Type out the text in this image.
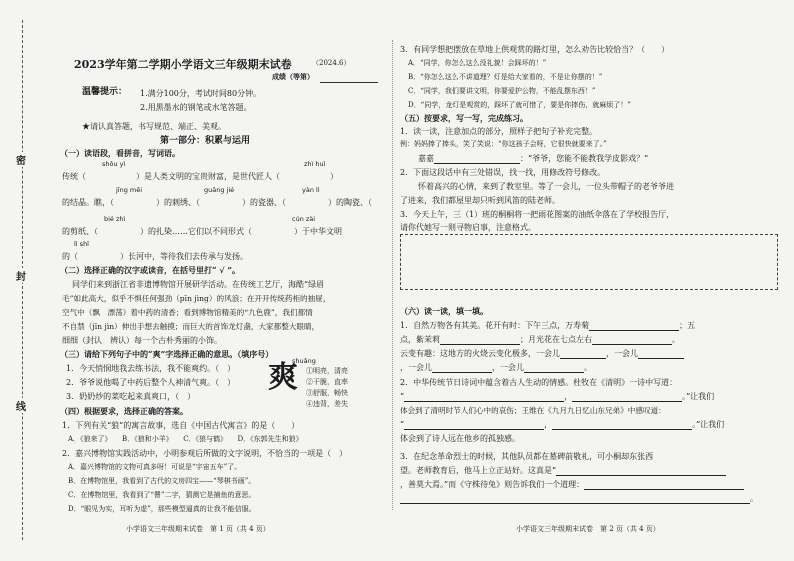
密
封
线
2023学年第二学期小学语文三年级期末试卷	（2024.6）
成绩（等第）
温馨提示： 1.满分100分，考试时间80分钟。
2.用黑墨水的钢笔或水笔答题。
★请认真答题，书写规范、端正、美观。
第一部分：积累与运用
（一）读语段，看拼音，写词语。
shǒu yì	zhì huì
传统（	）是人类文明的宝贵财富，是世代匠人（	）
jīng měi	guāng jié	yàn lì
的结晶。瞧，（	）的刺绣、（	）的瓷器、（	）的陶瓷、（
bié zhì	cún zài
的剪纸、（	）的扎染……它们以不同形式（	）于中华文明
lì shǐ
的（	）长河中，等待我们去传承与发扬。
（二）选择正确的汉字或读音，在括号里打“ √ ”。
同学们来到浙江省非遗博物馆开展研学活动。在传统工艺厅，海酷“绿眉
毛”如此高大，似乎不惧任何强劲（pīn jìng）的风浪；在开开传统药柜的抽屉，
空气中（飘　漂荡）着中药的清香；看到博物馆精美的“九色鹿”，我们都情
不自禁（jīn jìn）伸出手想去触摸；而巨大的首饰龙灯盏，大家都整大眼睛，
细细（封认　辨认）每一个古朴秀丽的小饰。
（三）请给下列句子中的“爽”字选择正确的意思。（填序号）
1．今天悄悯地我去练书法，我不能爽约。（　）
2．爷爷说他喝了中药后整个人神清气爽。（　）
3．奶奶炒的菜吃起来真爽口，（　）
shuǎng
爽 ①明亮，清亮
②干脆，直率
③舒服，畅快
④违背，差失
（四）根据要求，选择正确的答案。
1．下列有关“狼”的寓言故事，选自《中国古代寓言》的是（　　）
A．《狼来了》　　B．《狼和小羊》　　C．《狼与鹤》　　D．《东郭先生和狼》
2．嘉兴博物馆实践活动中，小明参观后所做的文字说明，不恰当的一项是（　）
A．嘉兴博物馆的文物可真多呀！可说是“宇宙五车”了。
B．在博物馆里，我看到了古代的文房四宝——“琴棋书画”。
C．在博物馆里，我看到了“罾”二字，猜测它是捕鱼的意思。
D．“眼见为实，耳听为虚”，那些模型逼真的让我不能信服。
小学语文三年级期末试卷　第 1 页（共 4 页）
3．有同学想把摆放在草地上供观赏的路灯里，怎么劝告比较恰当？（　　）
A．“同学，你怎么这么没礼貌！会踩坏的！”
B．“你怎么这么不讲道理？灯是给大家看的，不是让你摆的！”
C．“同学，我们要讲文明，你要爱护公物，不能乱摆东西！”
D．“同学，龙灯是观赏的，踩坏了就可惜了，要是你摔伤，就麻烦了！”
（五）按要求，写一写，完成练习。
1．读一读，注意加点的部分，照样子把句子补充完整。
例：妈妈捧了捧头，笑了笑说：“你这孩子会呀，它很快就要来了。”
嘉嘉	：“爷爷，您能不能教我学皮影戏？”
2．下面这段话中有三处错误，找一找，用修改符号修改。
怀着高兴的心情，来到了教室里。等了一会儿，一位头带帽子的老爷爷进
了进来，我们都屋里却只听到风笛的陆老师。
3．今天上午，三（1）班的桐桐将一把雨花图案的油纸伞落在了学校报告厅，
请你代她写一则寻物启事，注意格式。
（六）读一读，填一填。
1．自然万物各有其美。花开有时：下午三点，万寿菊	；五
点，紫茉莉	；月光花在七点左右	。
云变有趣：这地方的火烧云变化极多，一会儿	，一会儿
，一会儿	，一会儿	。
2．中华传统节日诗词中蕴含着古人生动的情感。杜牧在《清明》一诗中写道：
“	，	。”让我们
体会到了清明时节人们心中的哀伤；王维在《九月九日忆山东兄弟》中感叹道：
“	，	。”让我们
体会到了诗人远在他乡的孤独感。
3．在纪念革命烈士的时候，其他队员都在墓碑前敬礼，可小桐却东张西
望。老师教育后，他马上立正站好。这真是“
，善莫大焉。”而《守株待兔》则告诉我们一个道理：
。
小学语文三年级期末试卷　第 2 页（共 4 页）
